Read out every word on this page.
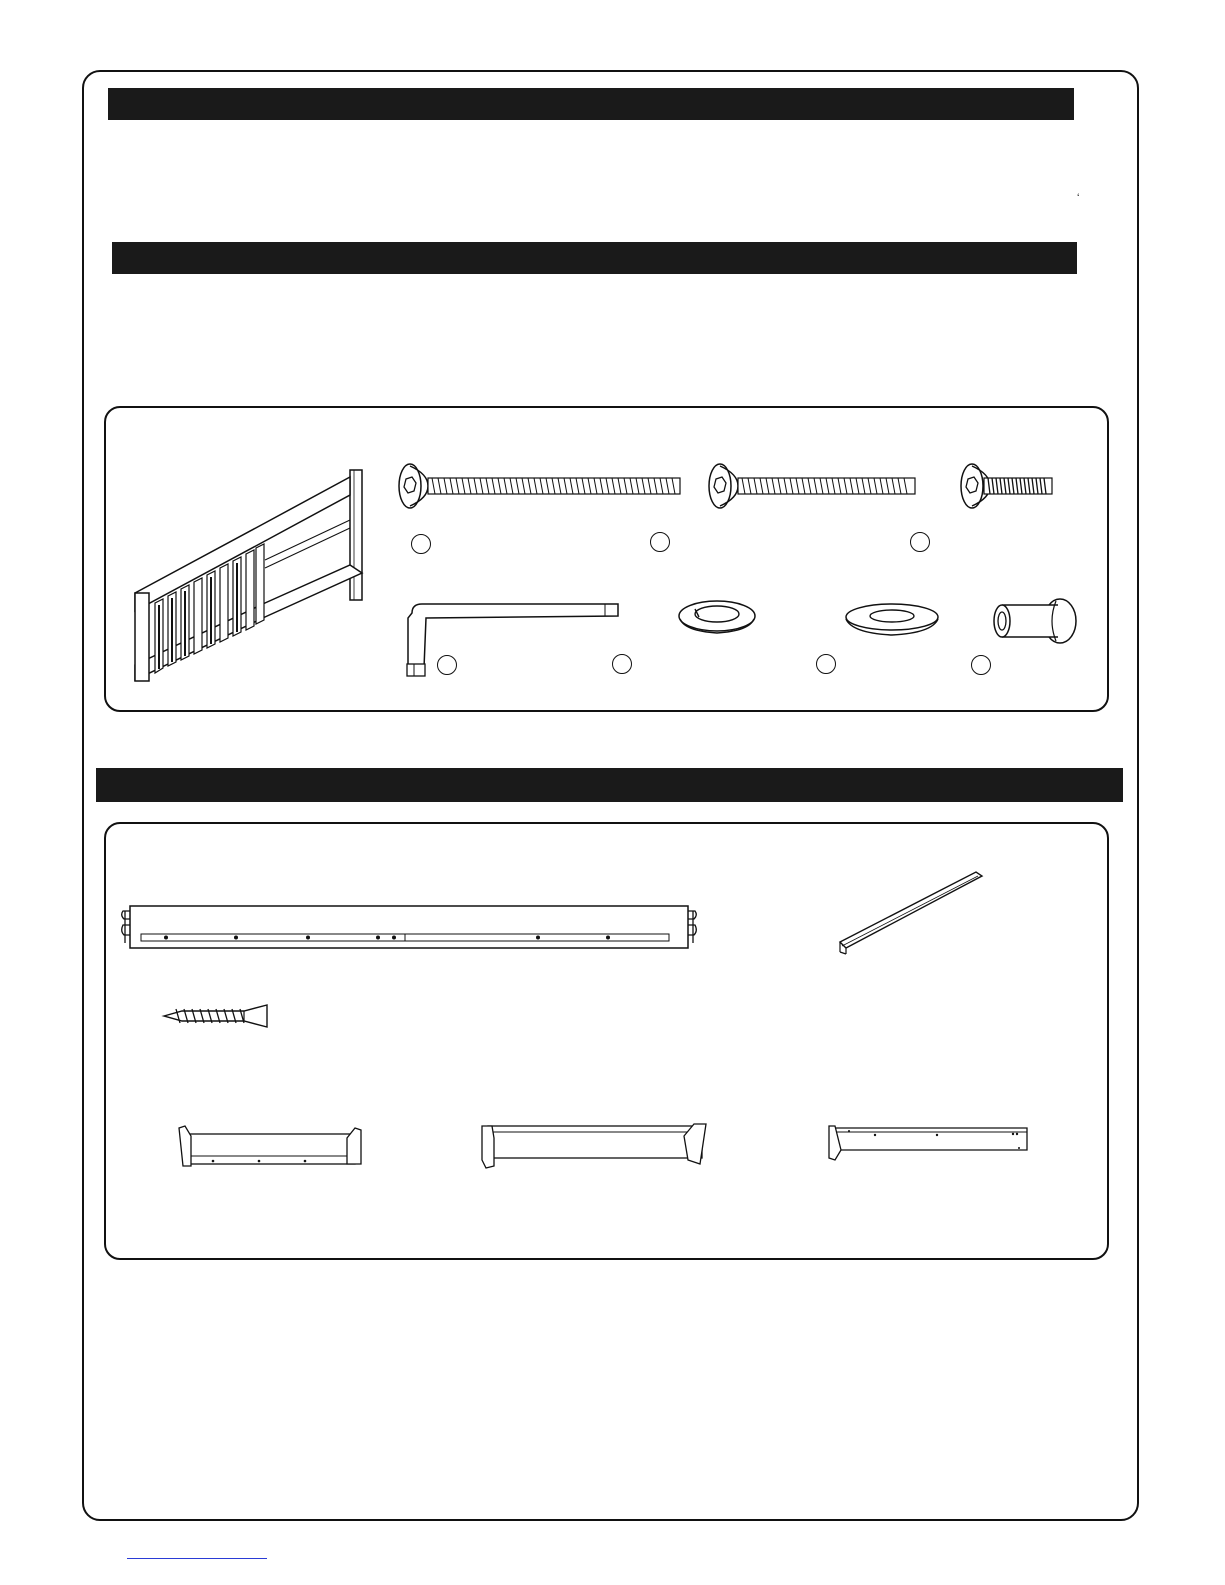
‘
